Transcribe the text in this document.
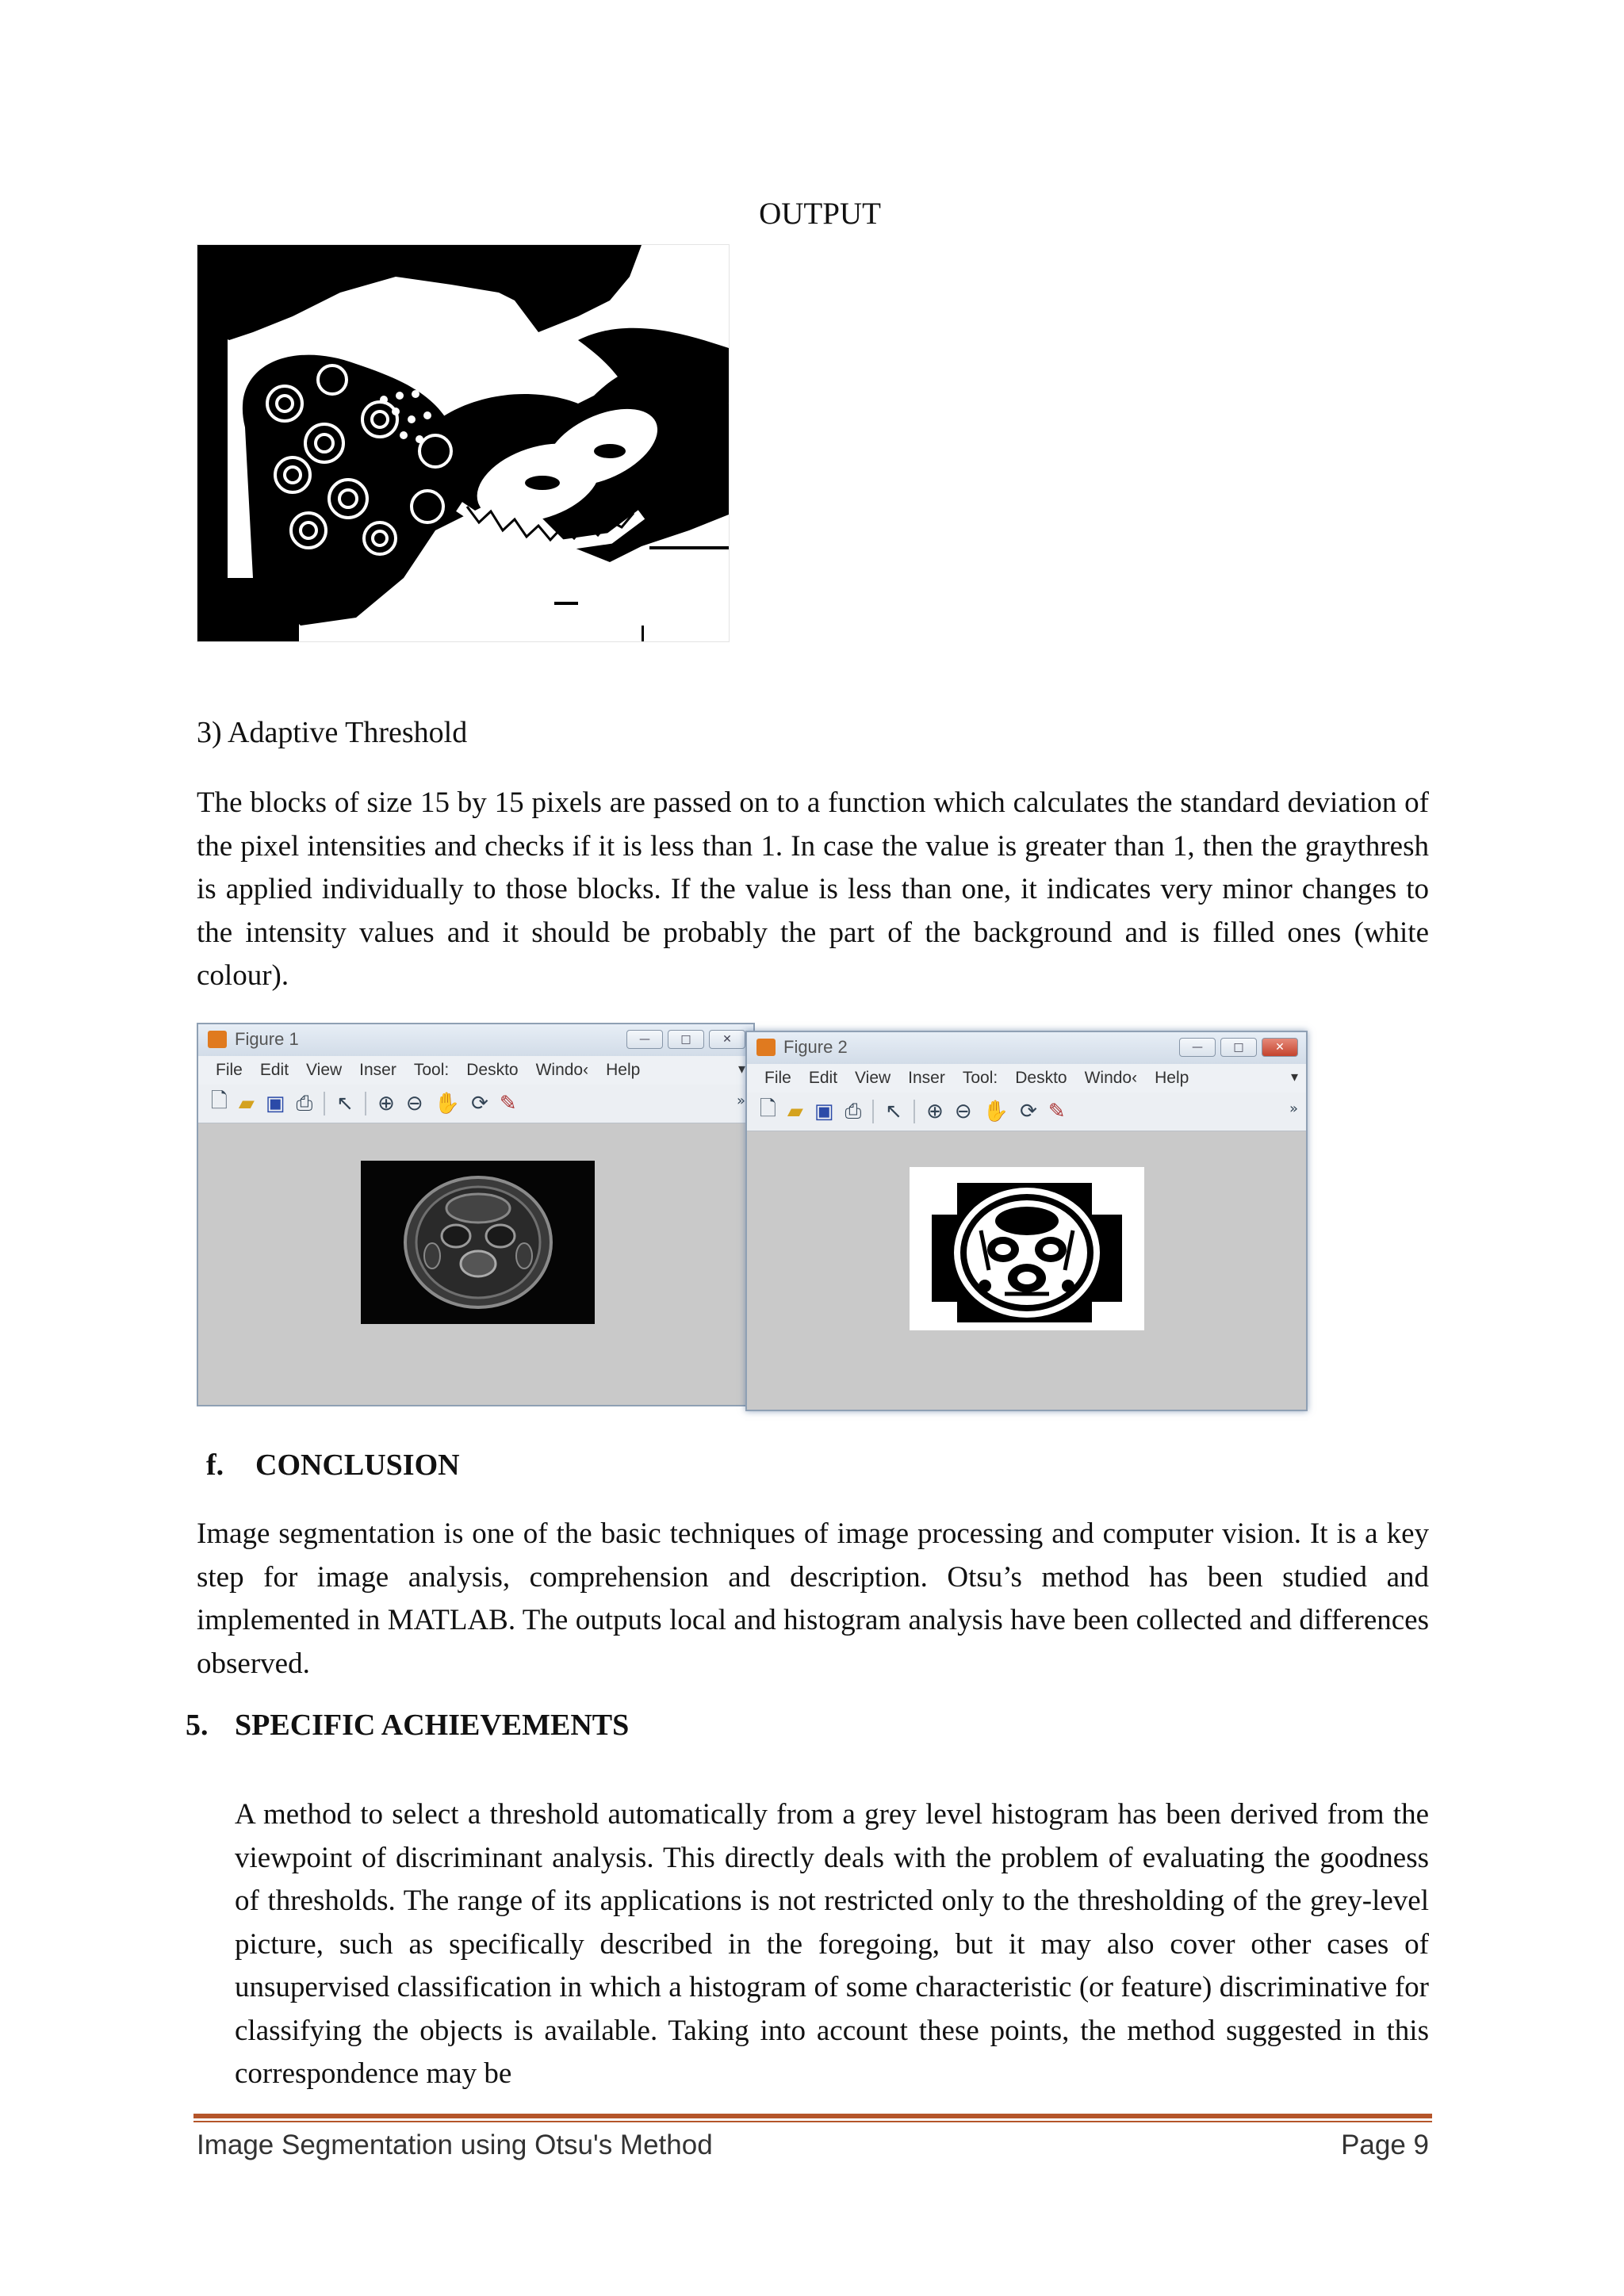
OUTPUT
3) Adaptive Threshold
The blocks of size 15 by 15 pixels are passed on to a function which calculates the standard deviation of the pixel intensities and checks if it is less than 1. In case the value is greater than 1, then the graythresh is applied individually to those blocks. If the value is less than one, it indicates very minor changes to the intensity values and it should be probably the part of the background and is filled ones (white colour).
Figure 1	—	□	✕
File Edit View Inser Tool: Deskto Windo‹ Help	▾
🗋 ▰ ▣ ⎙ ↖ ⊕ ⊖ ✋ ⟳ ✎	»
Figure 2	—	□	✕
File Edit View Inser Tool: Deskto Windo‹ Help	▾
🗋 ▰ ▣ ⎙ ↖ ⊕ ⊖ ✋ ⟳ ✎	»
f. CONCLUSION
Image segmentation is one of the basic techniques of image processing and computer vision. It is a key step for image analysis, comprehension and description. Otsu’s method has been studied and implemented in MATLAB. The outputs local and histogram analysis have been collected and differences observed.
5. SPECIFIC ACHIEVEMENTS
A method to select a threshold automatically from a grey level histogram has been derived from the viewpoint of discriminant analysis. This directly deals with the problem of evaluating the goodness of thresholds. The range of its applications is not restricted only to the thresholding of the grey-level picture, such as specifically described in the foregoing, but it may also cover other cases of unsupervised classification in which a histogram of some characteristic (or feature) discriminative for classifying the objects is available. Taking into account these points, the method suggested in this correspondence may be
Image Segmentation using Otsu's Method	Page 9
